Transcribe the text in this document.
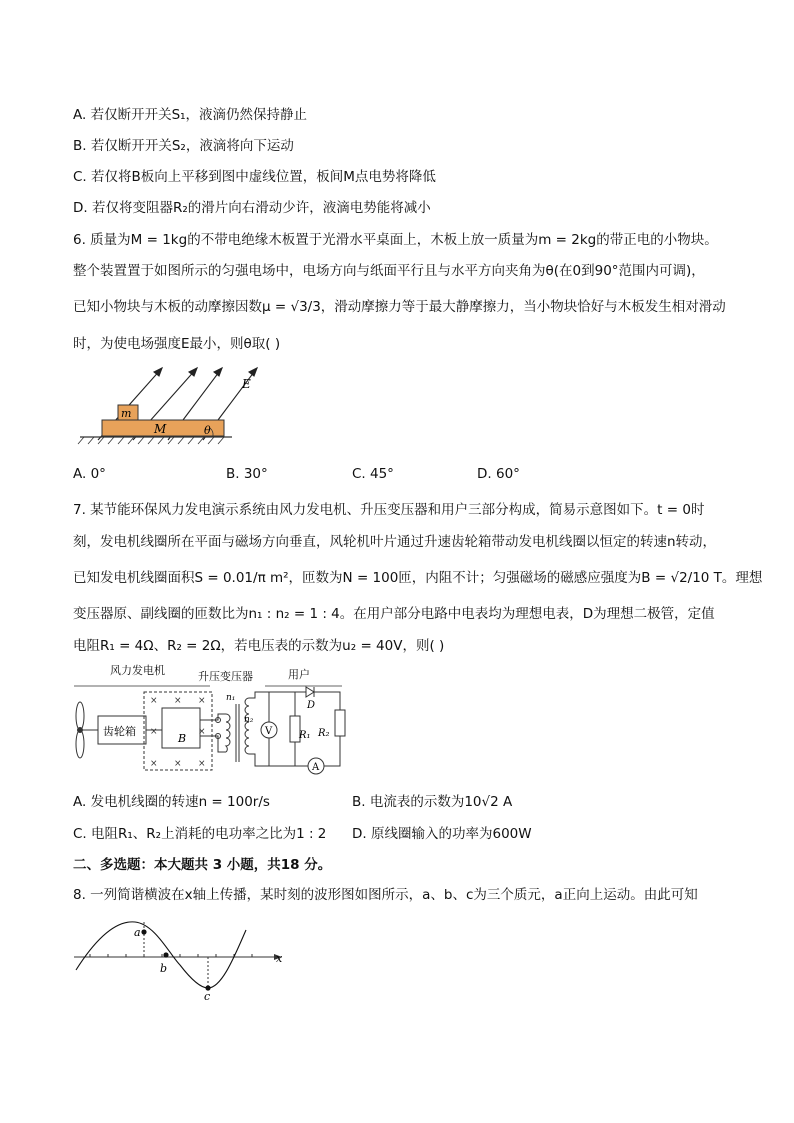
A. 若仅断开开关S₁，液滴仍然保持静止
B. 若仅断开开关S₂，液滴将向下运动
C. 若仅将B板向上平移到图中虚线位置，板间M点电势将降低
D. 若仅将变阻器R₂的滑片向右滑动少许，液滴电势能将减小
6. 质量为M = 1kg的不带电绝缘木板置于光滑水平桌面上，木板上放一质量为m = 2kg的带正电的小物块。
整个装置置于如图所示的匀强电场中，电场方向与纸面平行且与水平方向夹角为θ(在0到90°范围内可调)，
已知小物块与木板的动摩擦因数μ = √3/3，滑动摩擦力等于最大静摩擦力，当小物块恰好与木板发生相对滑动
时，为使电场强度E最小，则θ取( )
m
M	θ
E
A. 0°	B. 30°	C. 45°	D. 60°
7. 某节能环保风力发电演示系统由风力发电机、升压变压器和用户三部分构成，简易示意图如下。t = 0时
刻，发电机线圈所在平面与磁场方向垂直，风轮机叶片通过升速齿轮箱带动发电机线圈以恒定的转速n转动，
已知发电机线圈面积S = 0.01/π m²，匝数为N = 100匝，内阻不计；匀强磁场的磁感应强度为B = √2/10 T。理想
变压器原、副线圈的匝数比为n₁ : n₂ = 1 : 4。在用户部分电路中电表均为理想电表，D为理想二极管，定值
电阻R₁ = 4Ω、R₂ = 2Ω，若电压表的示数为u₂ = 40V，则( )
风力发电机	升压变压器	用户
齿轮箱
× × ×
×	×
× × ×
B
n₁
n₂
V	R₁
D
R₂
A
A. 发电机线圈的转速n = 100r/s	B. 电流表的示数为10√2 A
C. 电阻R₁、R₂上消耗的电功率之比为1 : 2 D. 原线圈输入的功率为600W
二、多选题：本大题共 3 小题，共18 分。
8. 一列简谐横波在x轴上传播，某时刻的波形图如图所示，a、b、c为三个质元，a正向上运动。由此可知
x
a
b
c
